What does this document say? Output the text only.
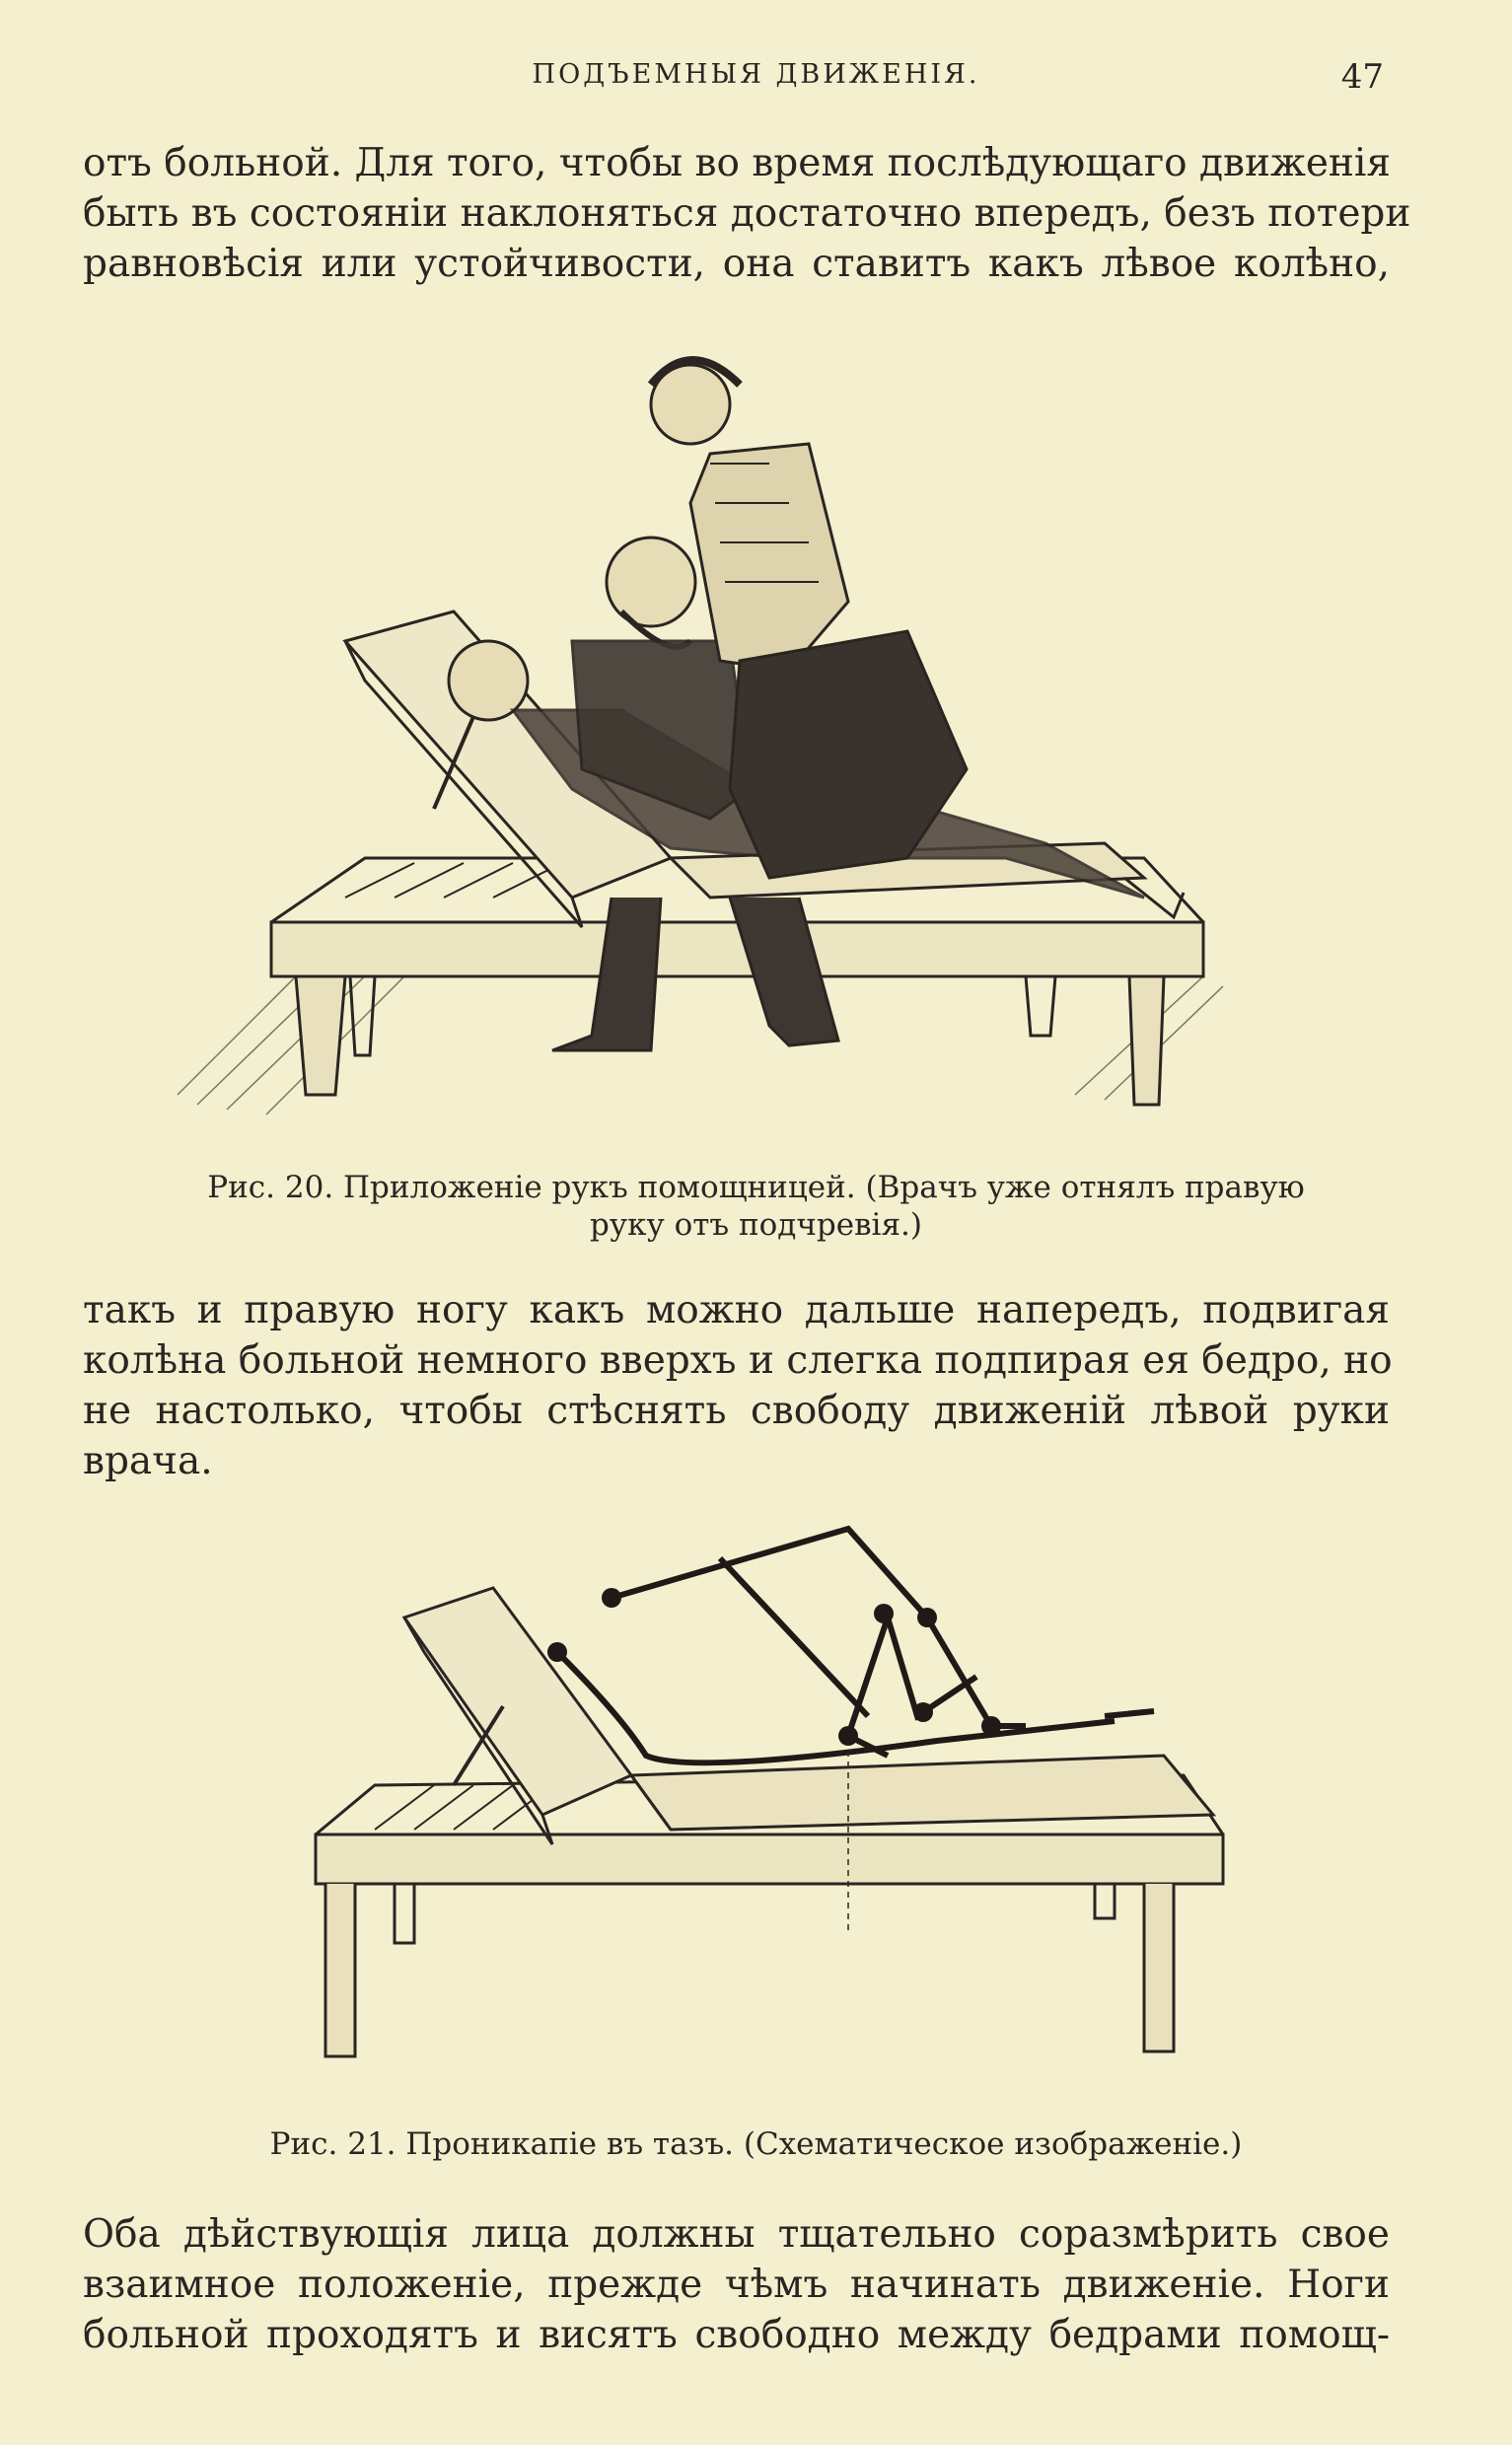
ПОДЪЕМНЫЯ ДВИЖЕНІЯ.	47
отъ больной. Для того, чтобы во время послѣдующаго движенія
быть въ состояніи наклоняться достаточно впередъ, безъ потери
равновѣсія или устойчивости, она ставитъ какъ лѣвое колѣно,
Рис. 20. Приложеніе рукъ помощницей. (Врачъ уже отнялъ правую
руку отъ подчревія.)
такъ и правую ногу какъ можно дальше напередъ, подвигая
колѣна больной немного вверхъ и слегка подпирая ея бедро, но
не настолько, чтобы стѣснять свободу движеній лѣвой руки
врача.
Рис. 21. Проникапіе въ тазъ. (Схематическое изображеніе.)
Оба дѣйствующія лица должны тщательно соразмѣрить свое
взаимное положеніе, прежде чѣмъ начинать движеніе. Ноги
больной проходятъ и висятъ свободно между бедрами помощ-
